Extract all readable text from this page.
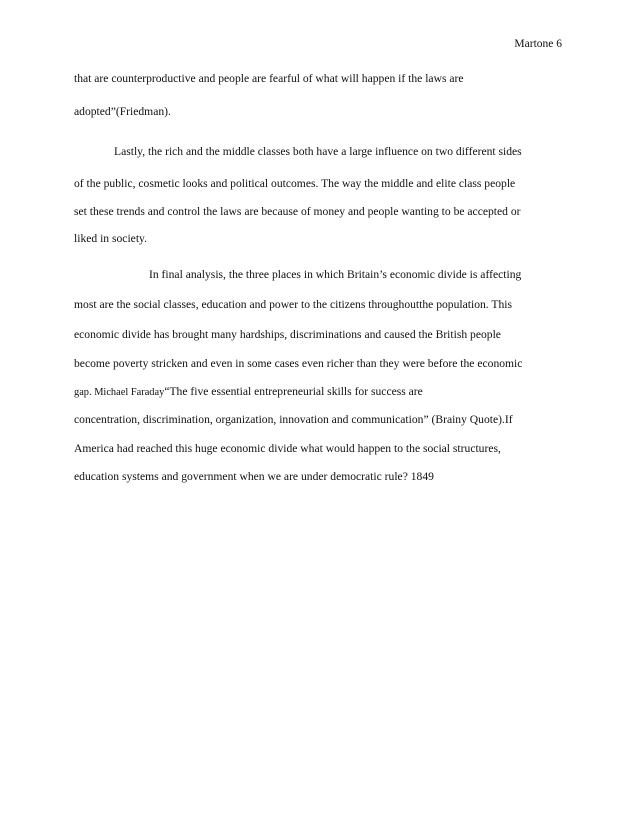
Martone 6
that are counterproductive and people are fearful of what will happen if the laws are
adopted”(Friedman).
Lastly, the rich and the middle classes both have a large influence on two different sides
of the public, cosmetic looks and political outcomes. The way the middle and elite class people
set these trends and control the laws are because of money and people wanting to be accepted or
liked in society.
In final analysis, the three places in which Britain’s economic divide is affecting
most are the social classes, education and power to the citizens throughoutthe population. This
economic divide has brought many hardships, discriminations and caused the British people
become poverty stricken and even in some cases even richer than they were before the economic
gap. Michael Faraday“The five essential entrepreneurial skills for success are
concentration, discrimination, organization, innovation and communication” (Brainy Quote).If
America had reached this huge economic divide what would happen to the social structures,
education systems and government when we are under democratic rule? 1849
